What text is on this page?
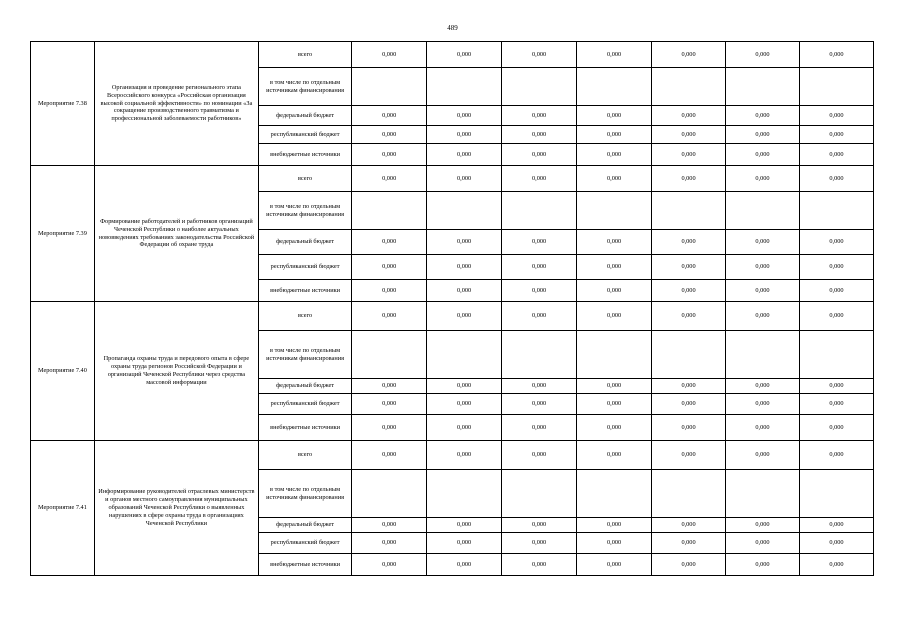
489
Мероприятие 7.38	Организация и проведение регионального этапа Всероссийского конкурса «Российская организация высокой социальной эффективности» по номинации «За сокращение производственного травматизма и профессиональной заболеваемости работников»	всего	0,000	0,000	0,000	0,000	0,000	0,000	0,000
		в том числе по отдельным источникам финансирования							
		федеральный бюджет	0,000	0,000	0,000	0,000	0,000	0,000	0,000
		республиканский бюджет	0,000	0,000	0,000	0,000	0,000	0,000	0,000
		внебюджетные источники	0,000	0,000	0,000	0,000	0,000	0,000	0,000
Мероприятие 7.39	Формирование работодателей и работников организаций Чеченской Республики о наиболее актуальных нововведениях требованиях законодательства Российской Федерации об охране труда	всего	0,000	0,000	0,000	0,000	0,000	0,000	0,000
		в том числе по отдельным источникам финансирования							
		федеральный бюджет	0,000	0,000	0,000	0,000	0,000	0,000	0,000
		республиканский бюджет	0,000	0,000	0,000	0,000	0,000	0,000	0,000
		внебюджетные источники	0,000	0,000	0,000	0,000	0,000	0,000	0,000
Мероприятие 7.40	Пропаганда охраны труда и передового опыта в сфере охраны труда регионов Российской Федерации и организаций Чеченской Республики через средства массовой информации	всего	0,000	0,000	0,000	0,000	0,000	0,000	0,000
		в том числе по отдельным источникам финансирования							
		федеральный бюджет	0,000	0,000	0,000	0,000	0,000	0,000	0,000
		республиканский бюджет	0,000	0,000	0,000	0,000	0,000	0,000	0,000
		внебюджетные источники	0,000	0,000	0,000	0,000	0,000	0,000	0,000
Мероприятие 7.41	Информирование руководителей отраслевых министерств и органов местного самоуправления муниципальных образований Чеченской Республики о выявленных нарушениях в сфере охраны труда в организациях Чеченской Республики	всего	0,000	0,000	0,000	0,000	0,000	0,000	0,000
		в том числе по отдельным источникам финансирования							
		федеральный бюджет	0,000	0,000	0,000	0,000	0,000	0,000	0,000
		республиканский бюджет	0,000	0,000	0,000	0,000	0,000	0,000	0,000
		внебюджетные источники	0,000	0,000	0,000	0,000	0,000	0,000	0,000
